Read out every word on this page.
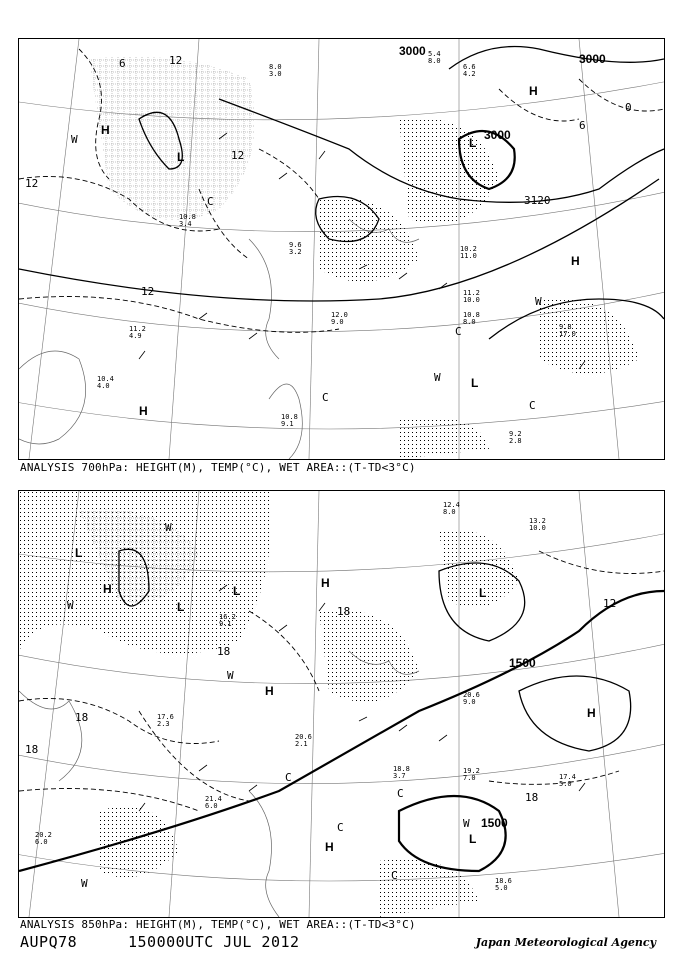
3000
3000
3000
3120
12
12
12
12
6
6
0
H
H
H
H
L
L
L
W
W
W
C
C
C
C
10.2
11.0
8.0
3.0
11.2
10.0
10.8
8.0
9.8
17.0
9.2
2.8
10.4
4.0
11.2
4.9
10.8
9.1
10.8
3.4
9.6
3.2
12.0
9.0
6.6
4.2
5.4
8.0
ANALYSIS 700hPa: HEIGHT(M), TEMP(°C), WET AREA::(T-TD<3°C)
1500
1500
12
18
18
18
18
18
H	H
H
H
H
L
L
L	L
L
W
W
W
W
W
C
C
C
C
20.6
9.0
19.2
7.0	17.4
5.0
18.6
5.0
20.2
6.0
18.8
3.7
21.4
6.0
20.6
2.1
16.2
9.1
17.6
2.3
12.4
8.0
13.2
10.0
ANALYSIS 850hPa: HEIGHT(M), TEMP(°C), WET AREA::(T-TD<3°C)
AUPQ78	150000UTC JUL 2012	Japan Meteorological Agency
